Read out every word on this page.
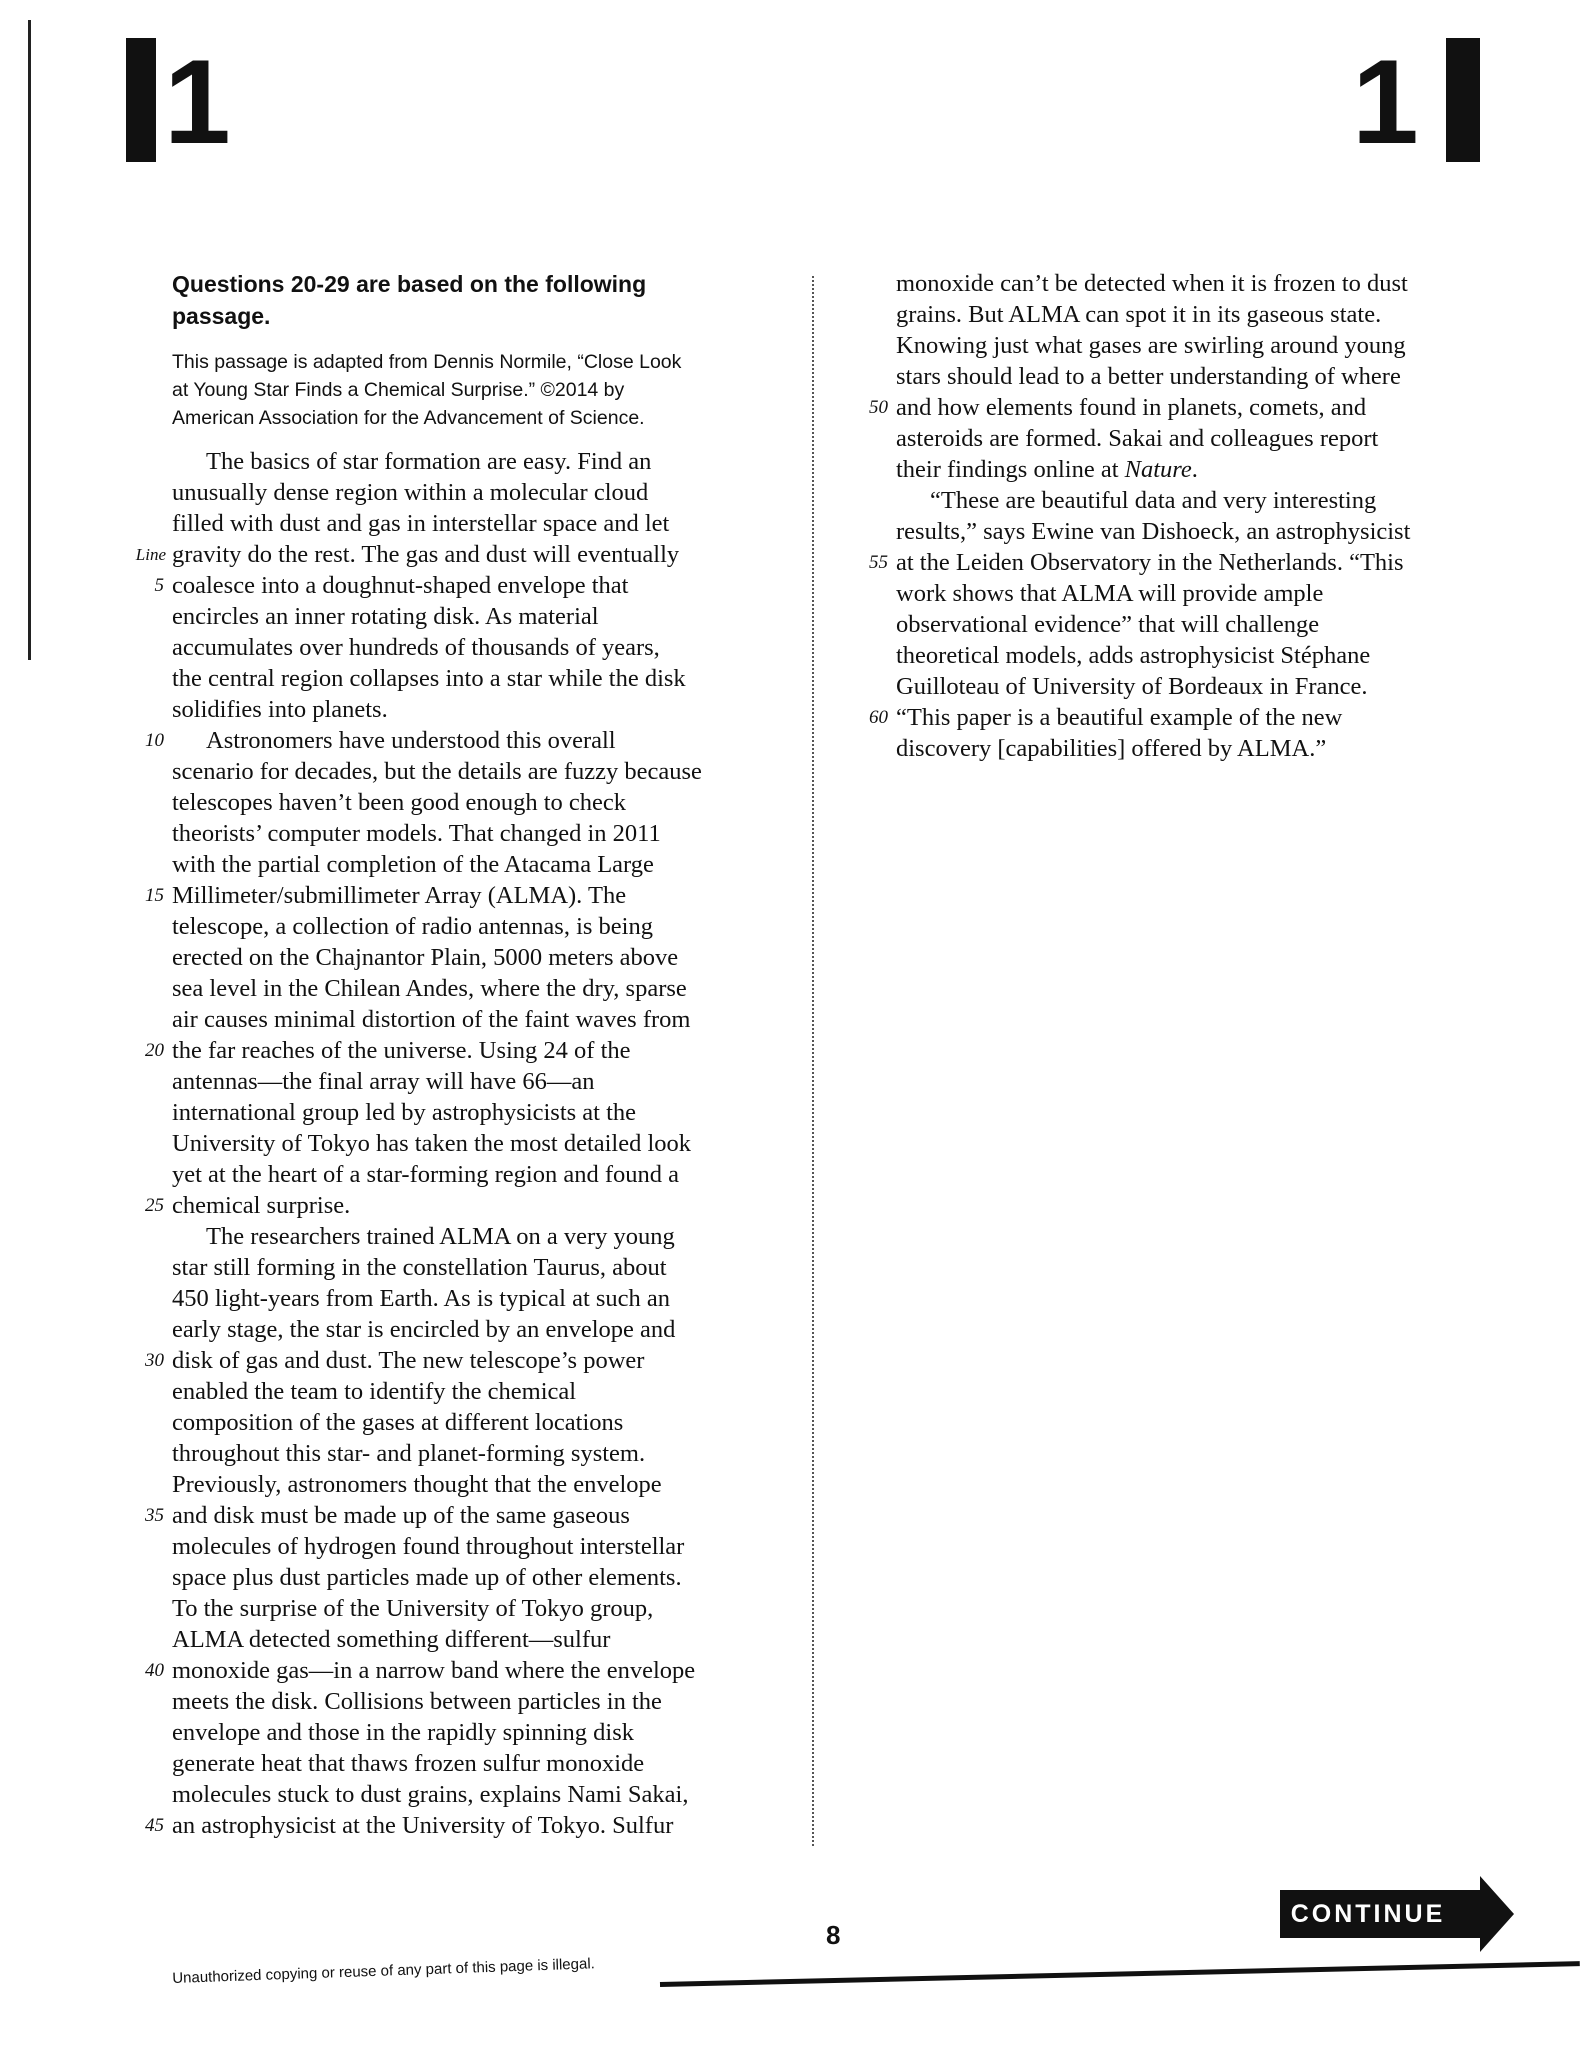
1	1
Questions 20-29 are based on the following passage.
This passage is adapted from Dennis Normile, “Close Look
at Young Star Finds a Chemical Surprise.” ©2014 by
American Association for the Advancement of Science.
The basics of star formation are easy. Find an
unusually dense region within a molecular cloud
filled with dust and gas in interstellar space and let
Line gravity do the rest. The gas and dust will eventually
5 coalesce into a doughnut-shaped envelope that
encircles an inner rotating disk. As material
accumulates over hundreds of thousands of years,
the central region collapses into a star while the disk
solidifies into planets.
10 Astronomers have understood this overall
scenario for decades, but the details are fuzzy because
telescopes haven’t been good enough to check
theorists’ computer models. That changed in 2011
with the partial completion of the Atacama Large
15 Millimeter/submillimeter Array (ALMA). The
telescope, a collection of radio antennas, is being
erected on the Chajnantor Plain, 5000 meters above
sea level in the Chilean Andes, where the dry, sparse
air causes minimal distortion of the faint waves from
20 the far reaches of the universe. Using 24 of the
antennas—the final array will have 66—an
international group led by astrophysicists at the
University of Tokyo has taken the most detailed look
yet at the heart of a star-forming region and found a
25 chemical surprise.
The researchers trained ALMA on a very young
star still forming in the constellation Taurus, about
450 light-years from Earth. As is typical at such an
early stage, the star is encircled by an envelope and
30 disk of gas and dust. The new telescope’s power
enabled the team to identify the chemical
composition of the gases at different locations
throughout this star- and planet-forming system.
Previously, astronomers thought that the envelope
35 and disk must be made up of the same gaseous
molecules of hydrogen found throughout interstellar
space plus dust particles made up of other elements.
To the surprise of the University of Tokyo group,
ALMA detected something different—sulfur
40 monoxide gas—in a narrow band where the envelope
meets the disk. Collisions between particles in the
envelope and those in the rapidly spinning disk
generate heat that thaws frozen sulfur monoxide
molecules stuck to dust grains, explains Nami Sakai,
45 an astrophysicist at the University of Tokyo. Sulfur
monoxide can’t be detected when it is frozen to dust
grains. But ALMA can spot it in its gaseous state.
Knowing just what gases are swirling around young
stars should lead to a better understanding of where
50 and how elements found in planets, comets, and
asteroids are formed. Sakai and colleagues report
their findings online at Nature.
“These are beautiful data and very interesting
results,” says Ewine van Dishoeck, an astrophysicist
55 at the Leiden Observatory in the Netherlands. “This
work shows that ALMA will provide ample
observational evidence” that will challenge
theoretical models, adds astrophysicist Stéphane
Guilloteau of University of Bordeaux in France.
60 “This paper is a beautiful example of the new
discovery [capabilities] offered by ALMA.”
8
CONTINUE
Unauthorized copying or reuse of any part of this page is illegal.
